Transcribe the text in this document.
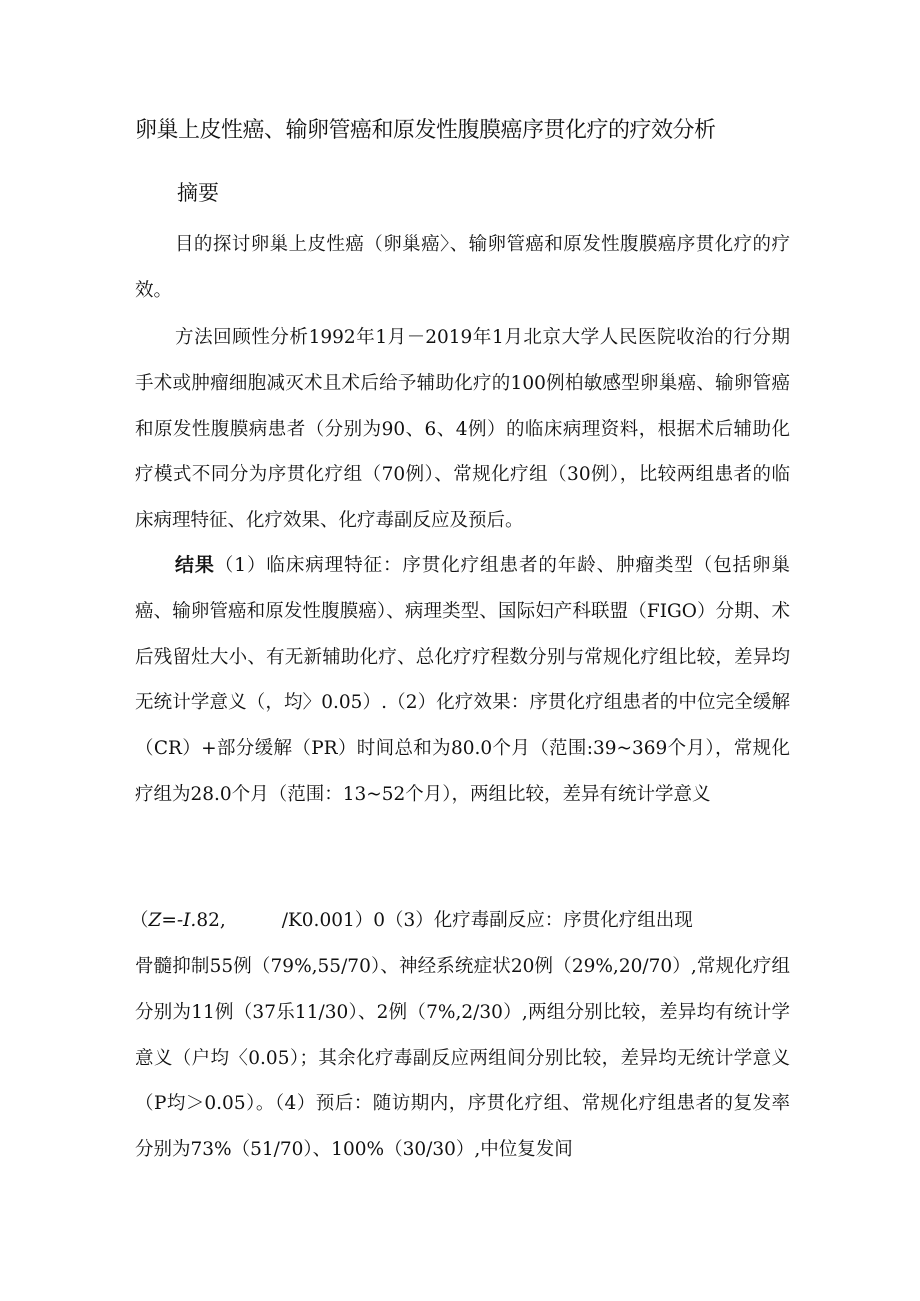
卵巢上皮性癌、输卵管癌和原发性腹膜癌序贯化疗的疗效分析
摘要

目的探讨卵巢上皮性癌（卵巢癌〉、输卵管癌和原发性腹膜癌序贯化疗的疗效。

方法回顾性分析1992年1月－2019年1月北京大学人民医院收治的行分期手术或肿瘤细胞减灭术且术后给予辅助化疗的100例柏敏感型卵巢癌、输卵管癌和原发性腹膜病患者（分别为90、6、4例）的临床病理资料，根据术后辅助化疗模式不同分为序贯化疗组（70例）、常规化疗组（30例），比较两组患者的临床病理特征、化疗效果、化疗毒副反应及预后。

结果（1）临床病理特征：序贯化疗组患者的年龄、肿瘤类型（包括卵巢癌、输卵管癌和原发性腹膜癌）、病理类型、国际妇产科联盟（FIGO）分期、术后残留灶大小、有无新辅助化疗、总化疗疗程数分别与常规化疗组比较，差异均无统计学意义（，均〉0.05）.（2）化疗效果：序贯化疗组患者的中位完全缓解（CR）+部分缓解（PR）时间总和为80.0个月（范围:39~369个月），常规化疗组为28.0个月（范围：13~52个月），两组比较，差异有统计学意义

（Z=-I.82,	/K0.001）0（3）化疗毒副反应：序贯化疗组出现

骨髓抑制55例（79%,55/70）、神经系统症状20例（29%,20/70）,常规化疗组分别为11例（37乐11/30）、2例（7%,2/30）,两组分别比较，差异均有统计学意义（户均〈0.05）；其余化疗毒副反应两组间分别比较，差异均无统计学意义（P均＞0.05）。（4）预后：随访期内，序贯化疗组、常规化疗组患者的复发率分别为73%（51/70）、100%（30/30）,中位复发间
